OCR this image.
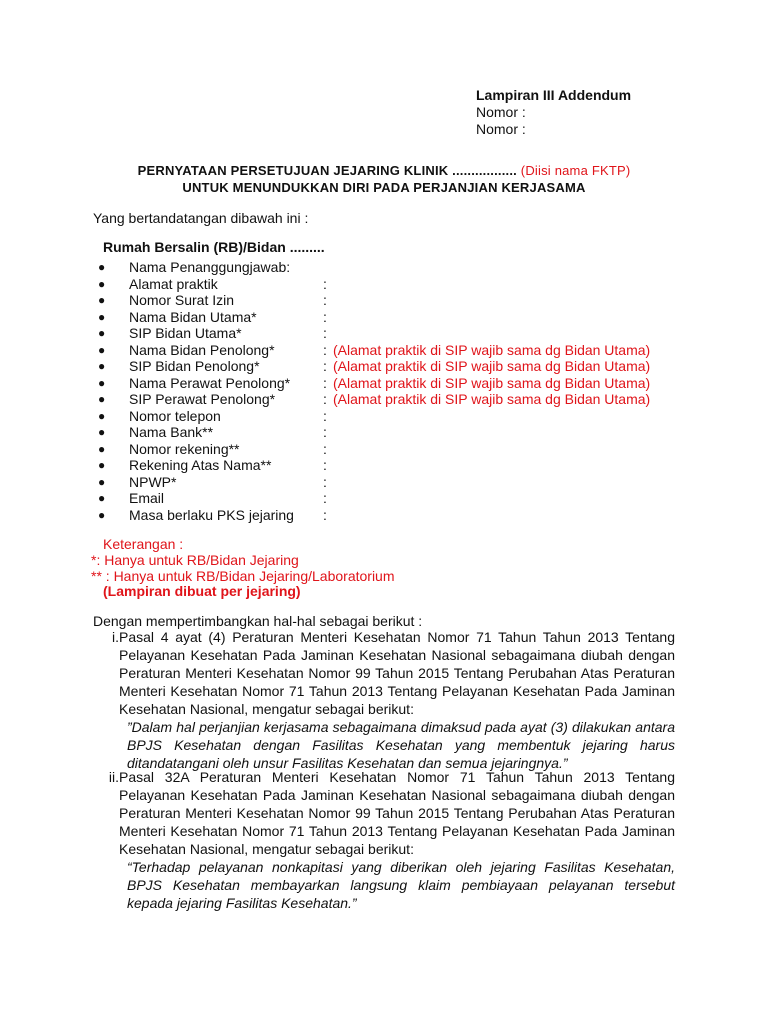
Lampiran III Addendum
Nomor :
Nomor :
PERNYATAAN PERSETUJUAN JEJARING KLINIK ................. (Diisi nama FKTP)
UNTUK MENUNDUKKAN DIRI PADA PERJANJIAN KERJASAMA
Yang bertandatangan dibawah ini :
Rumah Bersalin (RB)/Bidan .........
● Nama Penanggungjawab:
● Alamat praktik	:
● Nomor Surat Izin	:
● Nama Bidan Utama*	:
● SIP Bidan Utama*	:
● Nama Bidan Penolong*	: (Alamat praktik di SIP wajib sama dg Bidan Utama)
● SIP Bidan Penolong*	: (Alamat praktik di SIP wajib sama dg Bidan Utama)
● Nama Perawat Penolong* : (Alamat praktik di SIP wajib sama dg Bidan Utama)
● SIP Perawat Penolong*	: (Alamat praktik di SIP wajib sama dg Bidan Utama)
● Nomor telepon	:
● Nama Bank**	:
● Nomor rekening**	:
● Rekening Atas Nama**	:
● NPWP*	:
● Email	:
● Masa berlaku PKS jejaring :
Keterangan :
*: Hanya untuk RB/Bidan Jejaring
** : Hanya untuk RB/Bidan Jejaring/Laboratorium
(Lampiran dibuat per jejaring)
Dengan mempertimbangkan hal-hal sebagai berikut :
i. Pasal 4 ayat (4) Peraturan Menteri Kesehatan Nomor 71 Tahun Tahun 2013 Tentang Pelayanan Kesehatan Pada Jaminan Kesehatan Nasional sebagaimana diubah dengan Peraturan Menteri Kesehatan Nomor 99 Tahun 2015 Tentang Perubahan Atas Peraturan Menteri Kesehatan Nomor 71 Tahun 2013 Tentang Pelayanan Kesehatan Pada Jaminan Kesehatan Nasional, mengatur sebagai berikut:
”Dalam hal perjanjian kerjasama sebagaimana dimaksud pada ayat (3) dilakukan antara BPJS Kesehatan dengan Fasilitas Kesehatan yang membentuk jejaring harus ditandatangani oleh unsur Fasilitas Kesehatan dan semua jejaringnya.”
ii. Pasal 32A Peraturan Menteri Kesehatan Nomor 71 Tahun Tahun 2013 Tentang Pelayanan Kesehatan Pada Jaminan Kesehatan Nasional sebagaimana diubah dengan Peraturan Menteri Kesehatan Nomor 99 Tahun 2015 Tentang Perubahan Atas Peraturan Menteri Kesehatan Nomor 71 Tahun 2013 Tentang Pelayanan Kesehatan Pada Jaminan Kesehatan Nasional, mengatur sebagai berikut:
“Terhadap pelayanan nonkapitasi yang diberikan oleh jejaring Fasilitas Kesehatan, BPJS Kesehatan membayarkan langsung klaim pembiayaan pelayanan tersebut kepada jejaring Fasilitas Kesehatan.”
